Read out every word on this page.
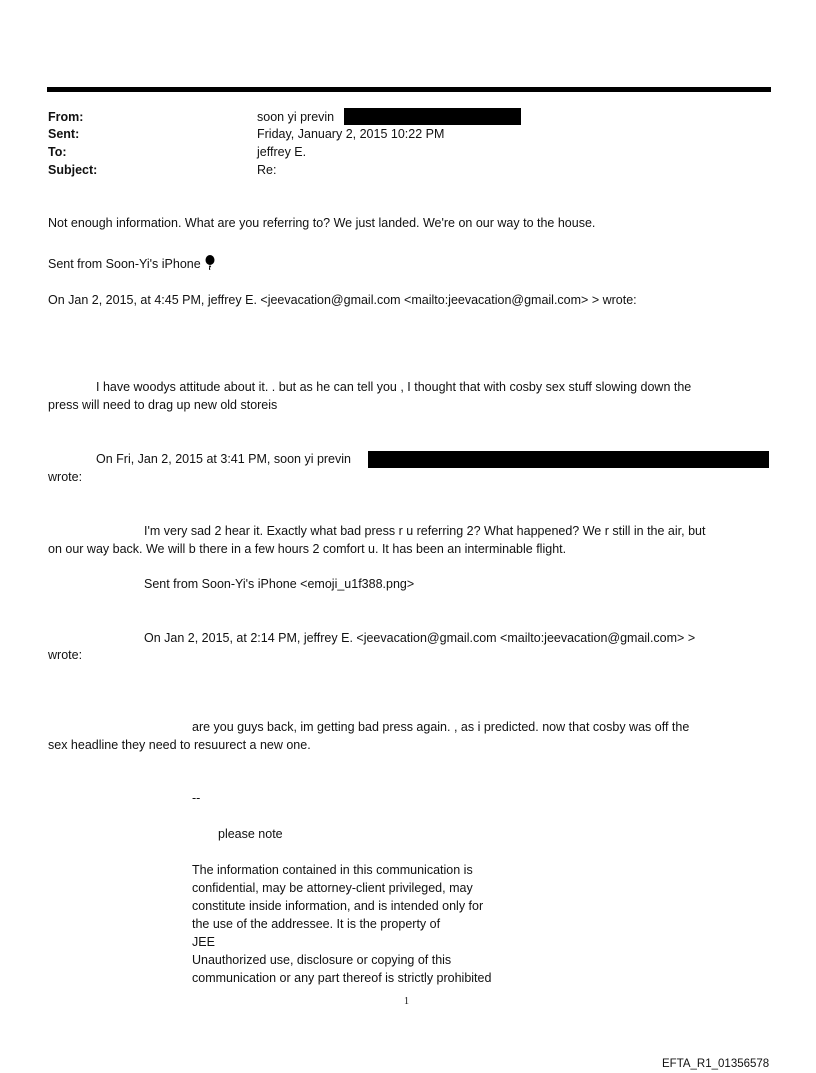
From:	soon yi previn
Sent:	Friday, January 2, 2015 10:22 PM
To:	jeffrey E.
Subject:	Re:
Not enough information. What are you referring to? We just landed. We're on our way to the house.
Sent from Soon-Yi's iPhone
On Jan 2, 2015, at 4:45 PM, jeffrey E. <jeevacation@gmail.com <mailto:jeevacation@gmail.com> > wrote:
I have woodys attitude about it. . but as he can tell you , I thought that with cosby sex stuff slowing down the
press will need to drag up new old storeis
On Fri, Jan 2, 2015 at 3:41 PM, soon yi previn
wrote:
I'm very sad 2 hear it. Exactly what bad press r u referring 2? What happened? We r still in the air, but
on our way back. We will b there in a few hours 2 comfort u. It has been an interminable flight.
Sent from Soon-Yi's iPhone <emoji_u1f388.png>
On Jan 2, 2015, at 2:14 PM, jeffrey E. <jeevacation@gmail.com <mailto:jeevacation@gmail.com> >
wrote:
are you guys back, im getting bad press again. , as i predicted. now that cosby was off the
sex headline they need to resuurect a new one.
--
please note
The information contained in this communication is
confidential, may be attorney-client privileged, may
constitute inside information, and is intended only for
the use of the addressee. It is the property of
JEE
Unauthorized use, disclosure or copying of this
communication or any part thereof is strictly prohibited
1
EFTA_R1_01356578
